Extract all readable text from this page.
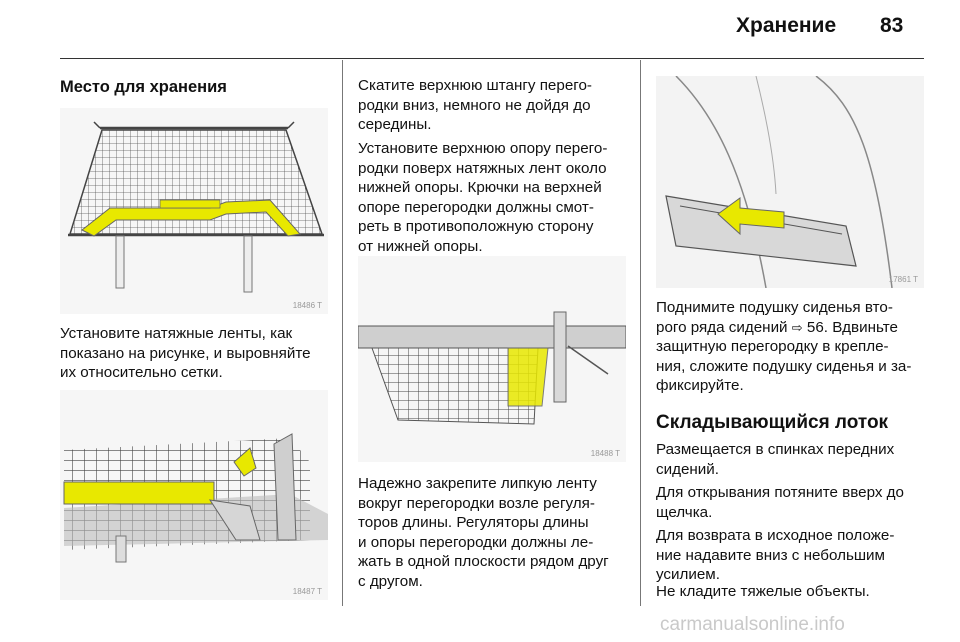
Хранение 83
Место для хранения
18486 T

Установите натяжные ленты, как
показано на рисунке, и выровняйте
их относительно сетки.

18487 T

Скатите верхнюю штангу перего-
родки вниз, немного не дойдя до
середины.

Установите верхнюю опору перего-
родки поверх натяжных лент около
нижней опоры. Крючки на верхней
опоре перегородки должны смот-
реть в противоположную сторону
от нижней опоры.

18488 T

Надежно закрепите липкую ленту
вокруг перегородки возле регуля-
торов длины. Регуляторы длины
и опоры перегородки должны ле-
жать в одной плоскости рядом друг
с другом.

17861 T

Поднимите подушку сиденья вто-
рого ряда сидений ⇨ 56. Вдвиньте
защитную перегородку в крепле-
ния, сложите подушку сиденья и за-
фиксируйте.

Складывающийся лоток

Размещается в спинках передних
сидений.

Для открывания потяните вверх до
щелчка.

Для возврата в исходное положе-
ние надавите вниз с небольшим
усилием.

Не кладите тяжелые объекты.

carmanualsonline.info
